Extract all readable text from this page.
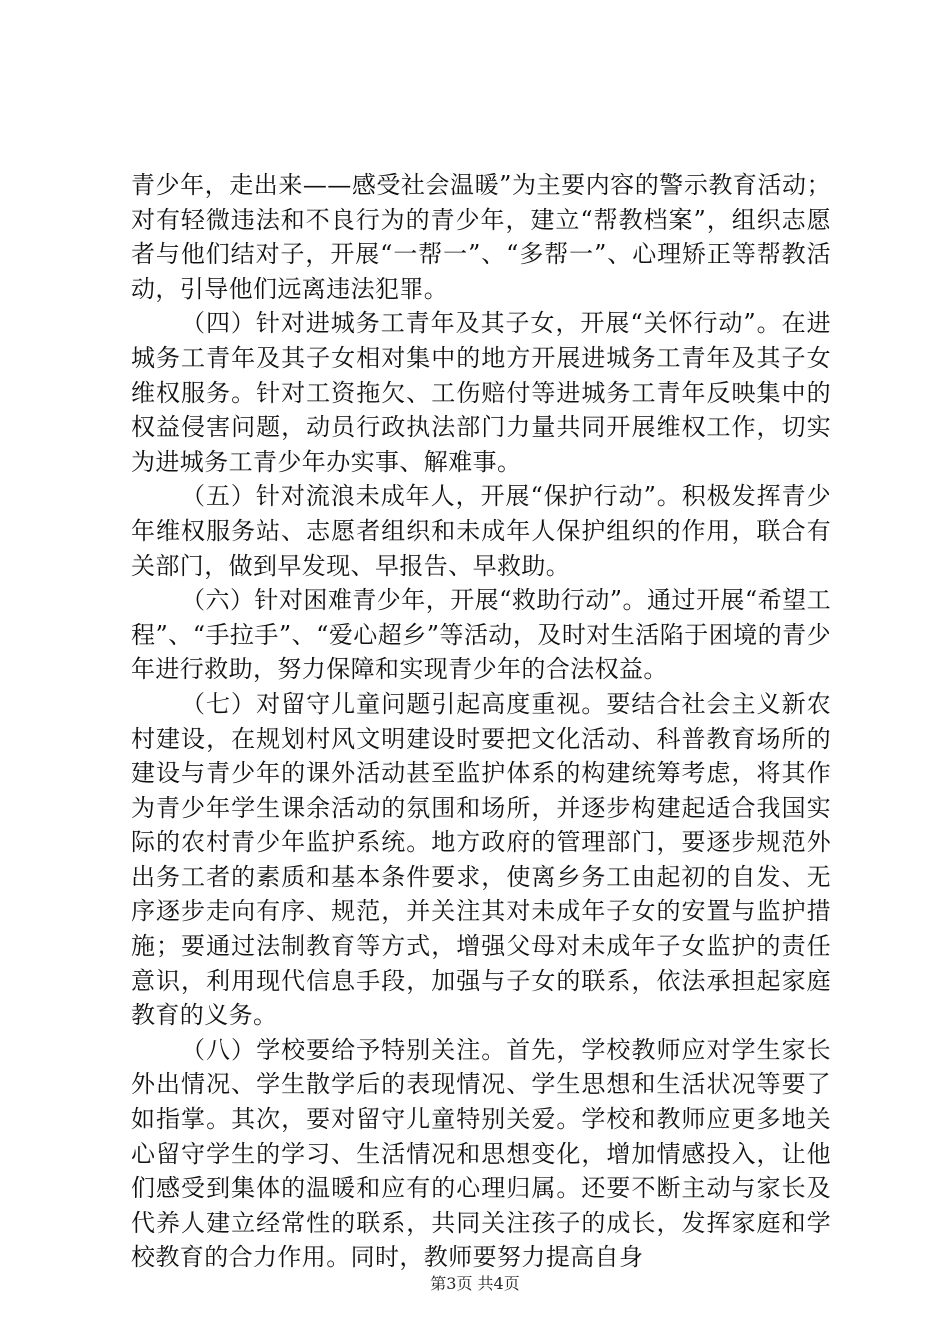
青少年，走出来——感受社会温暖”为主要内容的警示教育活动；对有轻微违法和不良行为的青少年，建立“帮教档案”，组织志愿者与他们结对子，开展“一帮一”、“多帮一”、心理矫正等帮教活动，引导他们远离违法犯罪。

（四）针对进城务工青年及其子女，开展“关怀行动”。在进城务工青年及其子女相对集中的地方开展进城务工青年及其子女维权服务。针对工资拖欠、工伤赔付等进城务工青年反映集中的权益侵害问题，动员行政执法部门力量共同开展维权工作，切实为进城务工青少年办实事、解难事。

（五）针对流浪未成年人，开展“保护行动”。积极发挥青少年维权服务站、志愿者组织和未成年人保护组织的作用，联合有关部门，做到早发现、早报告、早救助。

（六）针对困难青少年，开展“救助行动”。通过开展“希望工程”、“手拉手”、“爱心超乡”等活动，及时对生活陷于困境的青少年进行救助，努力保障和实现青少年的合法权益。

（七）对留守儿童问题引起高度重视。要结合社会主义新农村建设，在规划村风文明建设时要把文化活动、科普教育场所的建设与青少年的课外活动甚至监护体系的构建统筹考虑，将其作为青少年学生课余活动的氛围和场所，并逐步构建起适合我国实际的农村青少年监护系统。地方政府的管理部门，要逐步规范外出务工者的素质和基本条件要求，使离乡务工由起初的自发、无序逐步走向有序、规范，并关注其对未成年子女的安置与监护措施；要通过法制教育等方式，增强父母对未成年子女监护的责任意识，利用现代信息手段，加强与子女的联系，依法承担起家庭教育的义务。

（八）学校要给予特别关注。首先，学校教师应对学生家长外出情况、学生散学后的表现情况、学生思想和生活状况等要了如指掌。其次，要对留守儿童特别关爱。学校和教师应更多地关心留守学生的学习、生活情况和思想变化，增加情感投入，让他们感受到集体的温暖和应有的心理归属。还要不断主动与家长及代养人建立经常性的联系，共同关注孩子的成长，发挥家庭和学校教育的合力作用。同时，教师要努力提高自身

第3页 共4页
